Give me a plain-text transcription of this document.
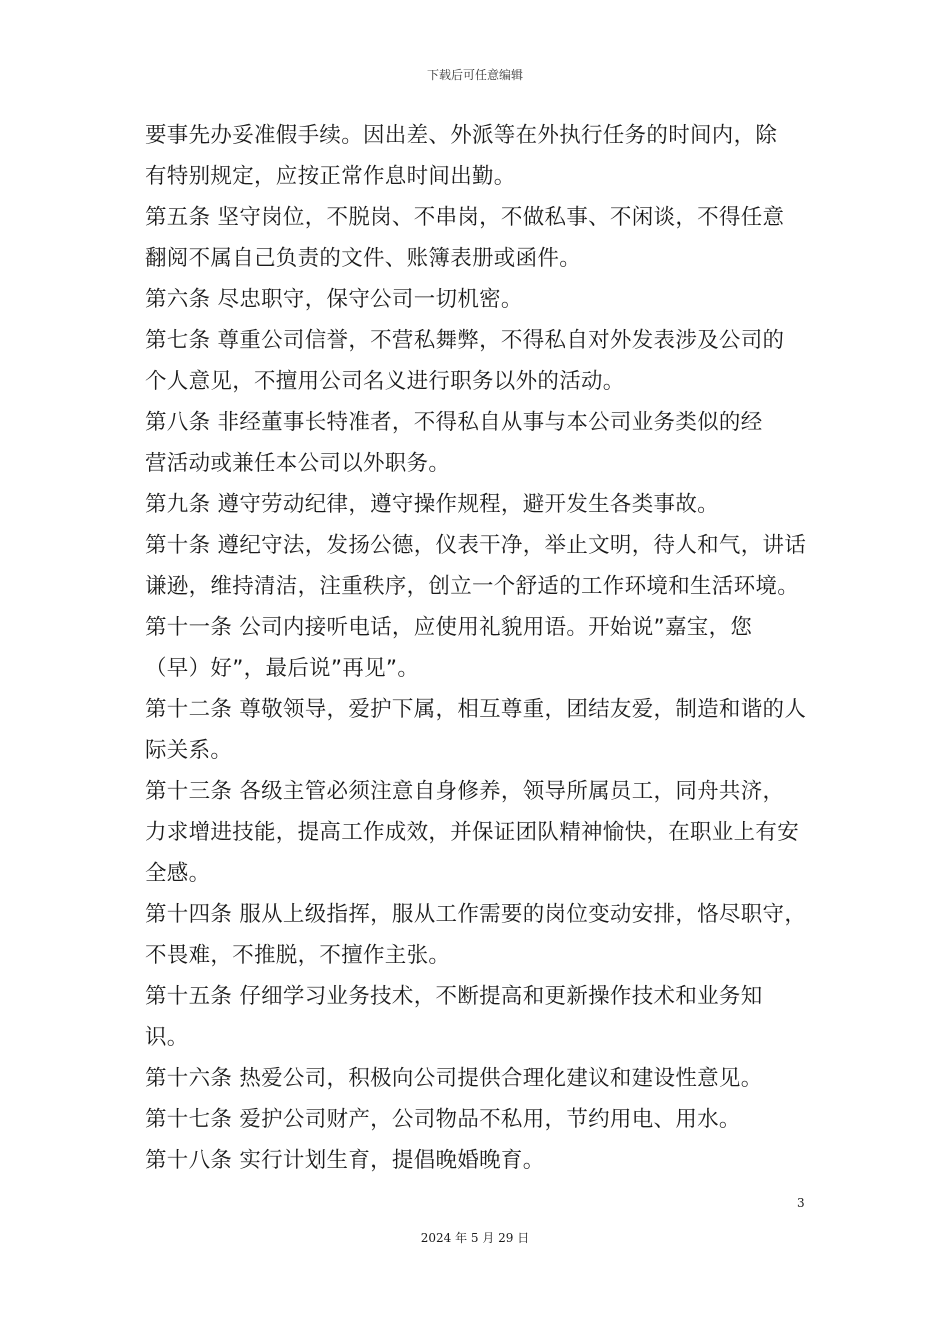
下载后可任意编辑

要事先办妥准假手续。因出差、外派等在外执行任务的时间内，除

有特别规定，应按正常作息时间出勤。

第五条 坚守岗位，不脱岗、不串岗，不做私事、不闲谈，不得任意

翻阅不属自己负责的文件、账簿表册或函件。

第六条 尽忠职守，保守公司一切机密。

第七条 尊重公司信誉，不营私舞弊，不得私自对外发表涉及公司的

个人意见，不擅用公司名义进行职务以外的活动。

第八条 非经董事长特准者，不得私自从事与本公司业务类似的经

营活动或兼任本公司以外职务。

第九条 遵守劳动纪律，遵守操作规程，避开发生各类事故。

第十条 遵纪守法，发扬公德，仪表干净，举止文明，待人和气，讲话

谦逊，维持清洁，注重秩序，创立一个舒适的工作环境和生活环境。

第十一条 公司内接听电话，应使用礼貌用语。开始说”嘉宝，您

（早）好”，最后说”再见”。

第十二条 尊敬领导，爱护下属，相互尊重，团结友爱，制造和谐的人

际关系。

第十三条 各级主管必须注意自身修养，领导所属员工，同舟共济，

力求增进技能，提高工作成效，并保证团队精神愉快，在职业上有安

全感。

第十四条 服从上级指挥，服从工作需要的岗位变动安排，恪尽职守，

不畏难，不推脱，不擅作主张。

第十五条 仔细学习业务技术，不断提高和更新操作技术和业务知

识。

第十六条 热爱公司，积极向公司提供合理化建议和建设性意见。

第十七条 爱护公司财产，公司物品不私用，节约用电、用水。

第十八条 实行计划生育，提倡晚婚晚育。

3
2024 年 5 月 29 日
